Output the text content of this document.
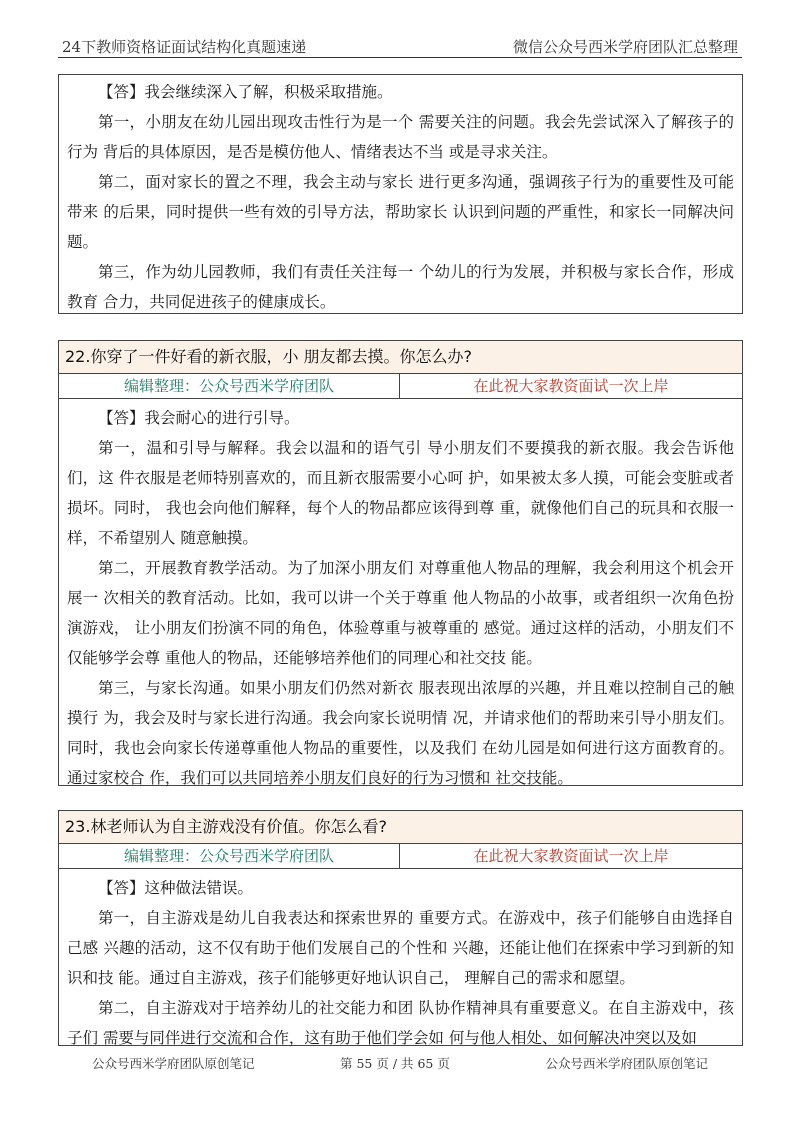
24下教师资格证面试结构化真题速递	微信公众号西米学府团队汇总整理

【答】我会继续深入了解，积极采取措施。

第一，小朋友在幼儿园出现攻击性行为是一个 需要关注的问题。我会先尝试深入了解孩子的行为 背后的具体原因，是否是模仿他人、情绪表达不当 或是寻求关注。

第二，面对家长的置之不理，我会主动与家长 进行更多沟通，强调孩子行为的重要性及可能带来 的后果，同时提供一些有效的引导方法，帮助家长 认识到问题的严重性，和家长一同解决问题。

第三，作为幼儿园教师，我们有责任关注每一 个幼儿的行为发展，并积极与家长合作，形成教育 合力，共同促进孩子的健康成长。

22.你穿了一件好看的新衣服，小 朋友都去摸。你怎么办?
编辑整理：公众号西米学府团队	在此祝大家教资面试一次上岸

【答】我会耐心的进行引导。

第一，温和引导与解释。我会以温和的语气引 导小朋友们不要摸我的新衣服。我会告诉他们，这 件衣服是老师特别喜欢的，而且新衣服需要小心呵 护，如果被太多人摸，可能会变脏或者损坏。同时， 我也会向他们解释，每个人的物品都应该得到尊 重，就像他们自己的玩具和衣服一样，不希望别人 随意触摸。

第二，开展教育教学活动。为了加深小朋友们 对尊重他人物品的理解，我会利用这个机会开展一 次相关的教育活动。比如，我可以讲一个关于尊重 他人物品的小故事，或者组织一次角色扮演游戏， 让小朋友们扮演不同的角色，体验尊重与被尊重的 感觉。通过这样的活动，小朋友们不仅能够学会尊 重他人的物品，还能够培养他们的同理心和社交技 能。

第三，与家长沟通。如果小朋友们仍然对新衣 服表现出浓厚的兴趣，并且难以控制自己的触摸行 为，我会及时与家长进行沟通。我会向家长说明情 况，并请求他们的帮助来引导小朋友们。同时，我也会向家长传递尊重他人物品的重要性，以及我们 在幼儿园是如何进行这方面教育的。通过家校合 作，我们可以共同培养小朋友们良好的行为习惯和 社交技能。

23.林老师认为自主游戏没有价值。你怎么看?
编辑整理：公众号西米学府团队	在此祝大家教资面试一次上岸

【答】这种做法错误。

第一，自主游戏是幼儿自我表达和探索世界的 重要方式。在游戏中，孩子们能够自由选择自己感 兴趣的活动，这不仅有助于他们发展自己的个性和 兴趣，还能让他们在探索中学习到新的知识和技 能。通过自主游戏，孩子们能够更好地认识自己， 理解自己的需求和愿望。

第二，自主游戏对于培养幼儿的社交能力和团 队协作精神具有重要意义。在自主游戏中，孩子们 需要与同伴进行交流和合作，这有助于他们学会如 何与他人相处、如何解决冲突以及如

公众号西米学府团队原创笔记	第 55 页 / 共 65 页	公众号西米学府团队原创笔记
